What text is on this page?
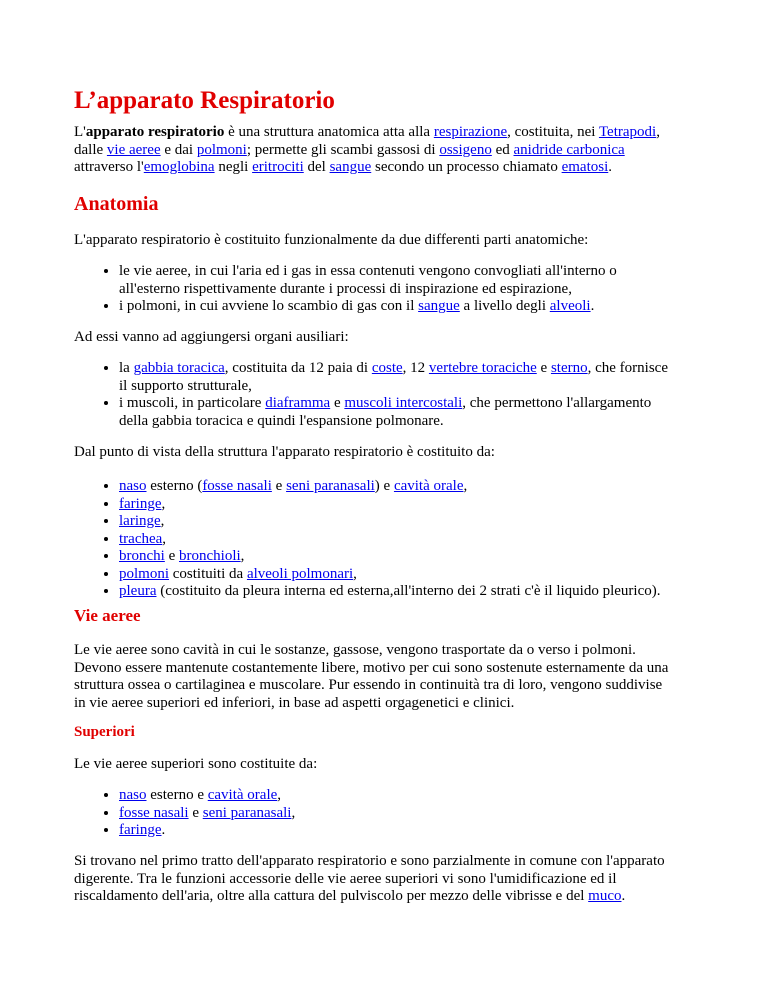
L’apparato Respiratorio
L'apparato respiratorio è una struttura anatomica atta alla respirazione, costituita, nei Tetrapodi,
dalle vie aeree e dai polmoni; permette gli scambi gassosi di ossigeno ed anidride carbonica
attraverso l'emoglobina negli eritrociti del sangue secondo un processo chiamato ematosi.
Anatomia
L'apparato respiratorio è costituito funzionalmente da due differenti parti anatomiche:
• le vie aeree, in cui l'aria ed i gas in essa contenuti vengono convogliati all'interno o
all'esterno rispettivamente durante i processi di inspirazione ed espirazione,
• i polmoni, in cui avviene lo scambio di gas con il sangue a livello degli alveoli.
Ad essi vanno ad aggiungersi organi ausiliari:
• la gabbia toracica, costituita da 12 paia di coste, 12 vertebre toraciche e sterno, che fornisce
il supporto strutturale,
• i muscoli, in particolare diaframma e muscoli intercostali, che permettono l'allargamento
della gabbia toracica e quindi l'espansione polmonare.
Dal punto di vista della struttura l'apparato respiratorio è costituito da:
• naso esterno (fosse nasali e seni paranasali) e cavità orale,
• faringe,
• laringe,
• trachea,
• bronchi e bronchioli,
• polmoni costituiti da alveoli polmonari,
• pleura (costituito da pleura interna ed esterna,all'interno dei 2 strati c'è il liquido pleurico).
Vie aeree
Le vie aeree sono cavità in cui le sostanze, gassose, vengono trasportate da o verso i polmoni.
Devono essere mantenute costantemente libere, motivo per cui sono sostenute esternamente da una
struttura ossea o cartilaginea e muscolare. Pur essendo in continuità tra di loro, vengono suddivise
in vie aeree superiori ed inferiori, in base ad aspetti orgagenetici e clinici.
Superiori
Le vie aeree superiori sono costituite da:
• naso esterno e cavità orale,
• fosse nasali e seni paranasali,
• faringe.
Si trovano nel primo tratto dell'apparato respiratorio e sono parzialmente in comune con l'apparato
digerente. Tra le funzioni accessorie delle vie aeree superiori vi sono l'umidificazione ed il
riscaldamento dell'aria, oltre alla cattura del pulviscolo per mezzo delle vibrisse e del muco.
